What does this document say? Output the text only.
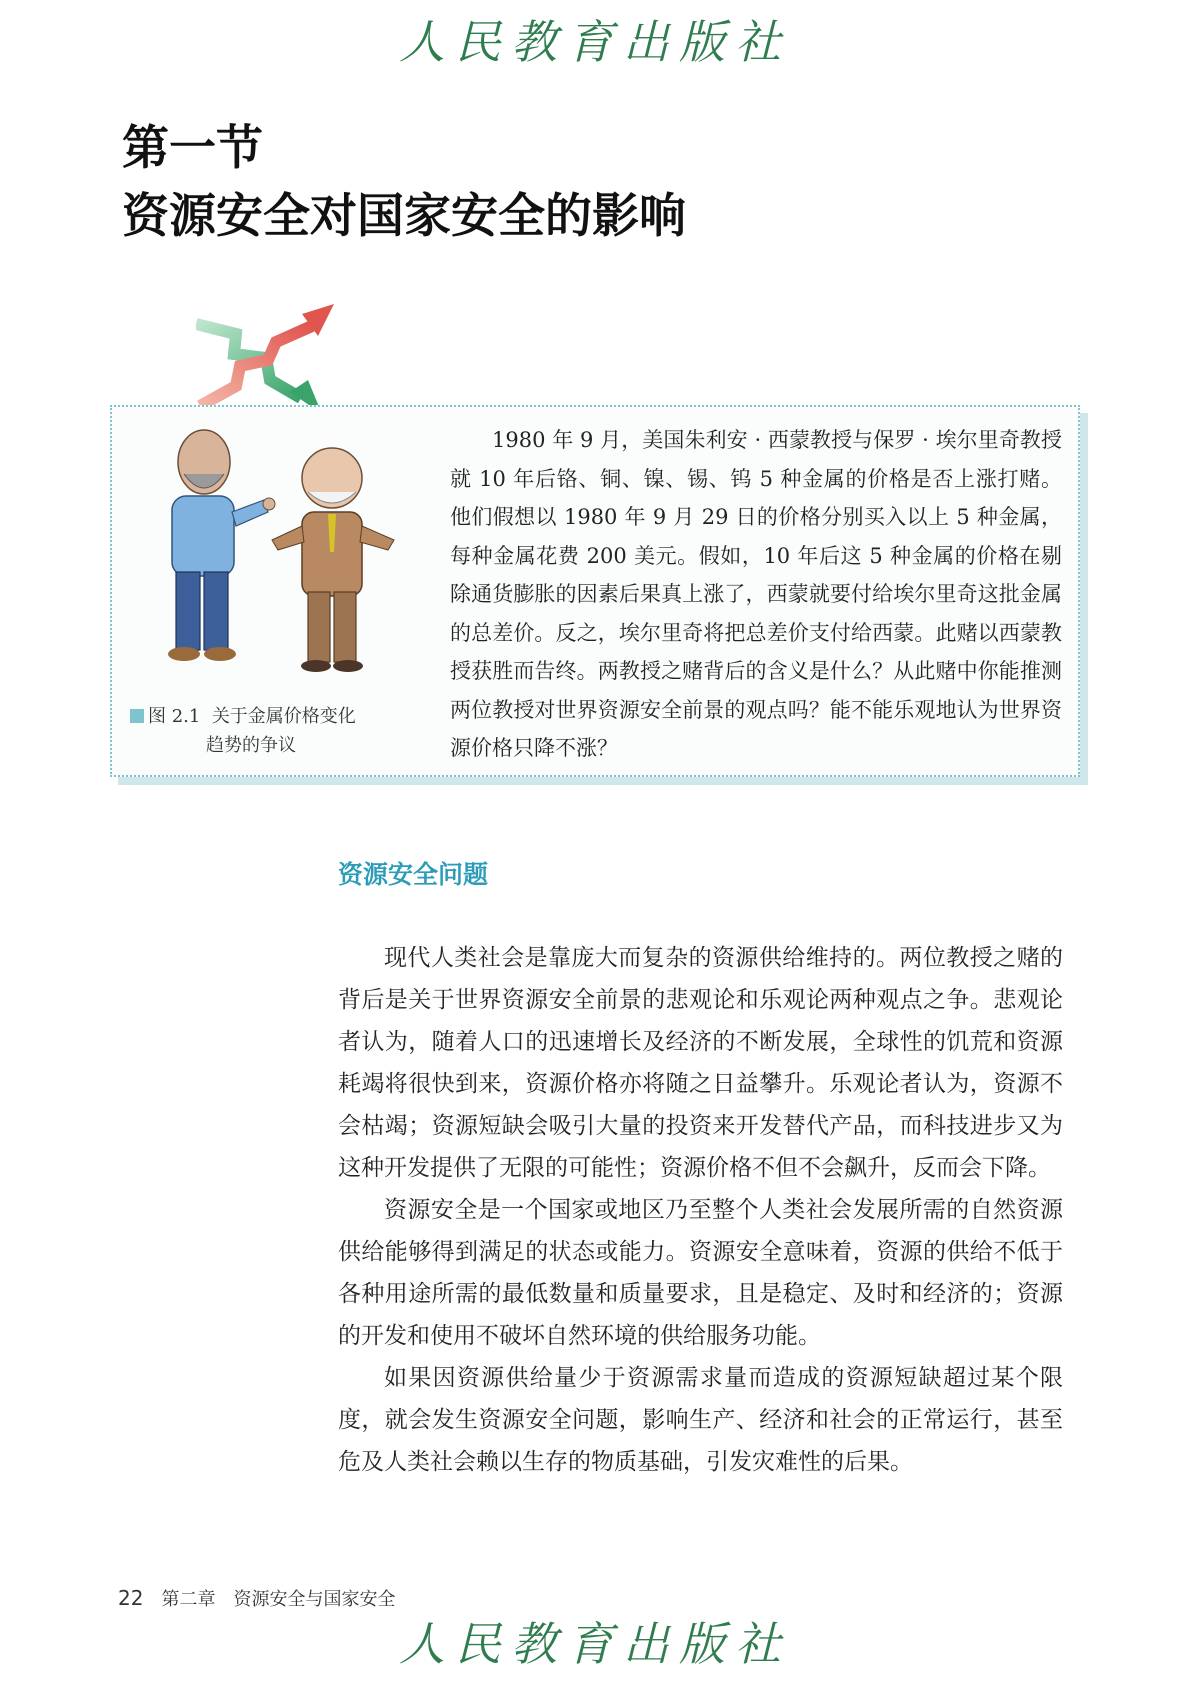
人民教育出版社
第一节
资源安全对国家安全的影响
图 2.1 关于金属价格变化
趋势的争议

1980 年 9 月，美国朱利安 · 西蒙教授与保罗 · 埃尔里奇教授就 10 年后铬、铜、镍、锡、钨 5 种金属的价格是否上涨打赌。他们假想以 1980 年 9 月 29 日的价格分别买入以上 5 种金属，每种金属花费 200 美元。假如，10 年后这 5 种金属的价格在剔除通货膨胀的因素后果真上涨了，西蒙就要付给埃尔里奇这批金属的总差价。反之，埃尔里奇将把总差价支付给西蒙。此赌以西蒙教授获胜而告终。两教授之赌背后的含义是什么？从此赌中你能推测两位教授对世界资源安全前景的观点吗？能不能乐观地认为世界资源价格只降不涨？

资源安全问题

现代人类社会是靠庞大而复杂的资源供给维持的。两位教授之赌的背后是关于世界资源安全前景的悲观论和乐观论两种观点之争。悲观论者认为，随着人口的迅速增长及经济的不断发展，全球性的饥荒和资源耗竭将很快到来，资源价格亦将随之日益攀升。乐观论者认为，资源不会枯竭；资源短缺会吸引大量的投资来开发替代产品，而科技进步又为这种开发提供了无限的可能性；资源价格不但不会飙升，反而会下降。

资源安全是一个国家或地区乃至整个人类社会发展所需的自然资源供给能够得到满足的状态或能力。资源安全意味着，资源的供给不低于各种用途所需的最低数量和质量要求，且是稳定、及时和经济的；资源的开发和使用不破坏自然环境的供给服务功能。

如果因资源供给量少于资源需求量而造成的资源短缺超过某个限度，就会发生资源安全问题，影响生产、经济和社会的正常运行，甚至危及人类社会赖以生存的物质基础，引发灾难性的后果。

22 第二章　资源安全与国家安全
人民教育出版社
